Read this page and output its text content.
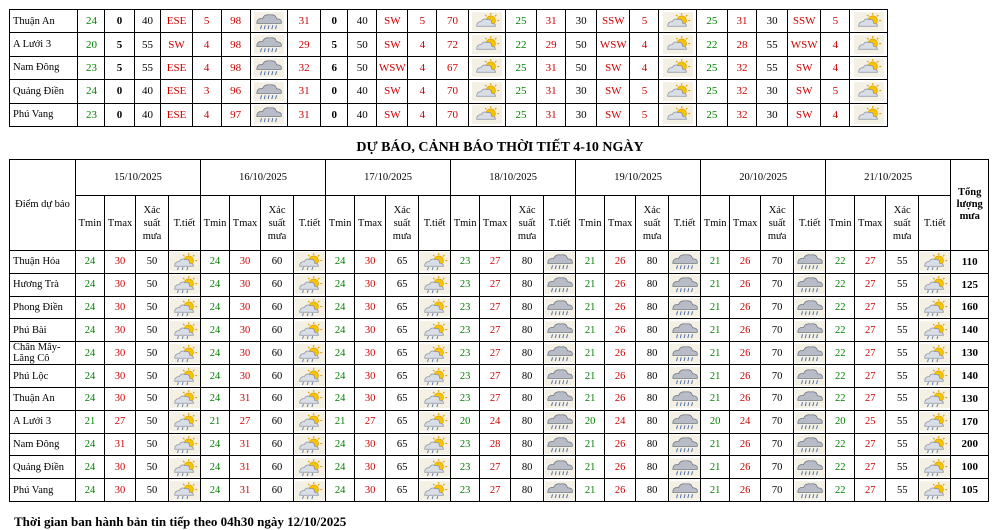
Thuận An	24	0	40	ESE	5	98		31	0	40	SW	5	70		25	31	30	SSW	5		25	31	30	SSW	5	

A Lưới 3	20	5	55	SW	4	98		29	5	50	SW	4	72		22	29	50	WSW	4		22	28	55	WSW	4	

Nam Đông	23	5	55	ESE	4	98		32	6	50	WSW	4	67		25	31	50	SW	4		25	32	55	SW	4	

Quảng Điền	24	0	40	ESE	3	96		31	0	40	SW	4	70		25	31	30	SW	5		25	32	30	SW	5	

Phú Vang	23	0	40	ESE	4	97		31	0	40	SW	4	70		25	31	30	SW	5		25	32	30	SW	4	
DỰ BÁO, CẢNH BÁO THỜI TIẾT 4-10 NGÀY
Điểm dự báo	15/10/2025				16/10/2025				17/10/2025				18/10/2025				19/10/2025				20/10/2025				21/10/2025				Tổng lượng mưa
	Tmin	Tmax	Xác suất mưa	T.tiết	Tmin	Tmax	Xác suất mưa	T.tiết	Tmin	Tmax	Xác suất mưa	T.tiết	Tmin	Tmax	Xác suất mưa	T.tiết	Tmin	Tmax	Xác suất mưa	T.tiết	Tmin	Tmax	Xác suất mưa	T.tiết	Tmin	Tmax	Xác suất mưa	T.tiết	
Thuận Hóa	24	30	50		24	30	60		24	30	65		23	27	80		21	26	80		21	26	70		22	27	55		110
Hương Trà	24	30	50		24	30	60		24	30	65		23	27	80		21	26	80		21	26	70		22	27	55		125
Phong Điền	24	30	50		24	30	60		24	30	65		23	27	80		21	26	80		21	26	70		22	27	55		160
Phú Bài	24	30	50		24	30	60		24	30	65		23	27	80		21	26	80		21	26	70		22	27	55		140
Chân Mây-Lăng Cô	24	30	50		24	30	60		24	30	65		23	27	80		21	26	80		21	26	70		22	27	55		130
Phú Lộc	24	30	50		24	30	60		24	30	65		23	27	80		21	26	80		21	26	70		22	27	55		140
Thuận An	24	30	50		24	31	60		24	30	65		23	27	80		21	26	80		21	26	70		22	27	55		130
A Lưới 3	21	27	50		21	27	60		21	27	65		20	24	80		20	24	80		20	24	70		20	25	55		170
Nam Đông	24	31	50		24	31	60		24	30	65		23	28	80		21	26	80		21	26	70		22	27	55		200
Quảng Điền	24	30	50		24	31	60		24	30	65		23	27	80		21	26	80		21	26	70		22	27	55		100
Phú Vang	24	30	50		24	31	60		24	30	65		23	27	80		21	26	80		21	26	70		22	27	55		105
Thời gian ban hành bản tin tiếp theo 04h30 ngày 12/10/2025
